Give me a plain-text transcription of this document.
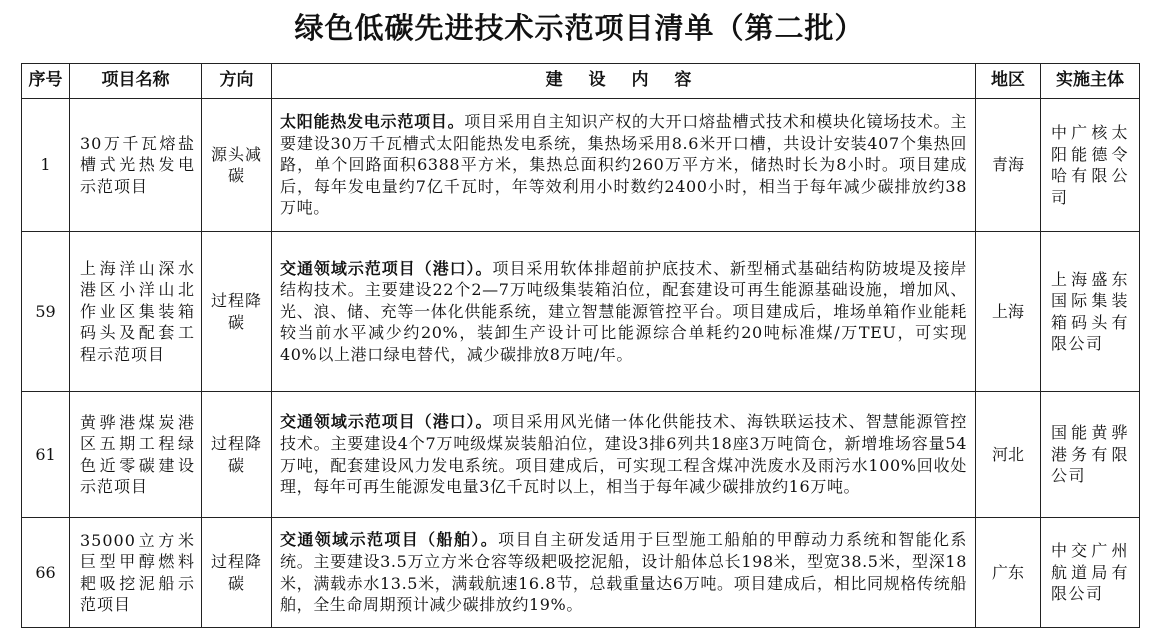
绿色低碳先进技术示范项目清单（第二批）
序号	项目名称	方向	建 设 内 容	地区	实施主体
1	30万千瓦熔盐槽式光热发电示范项目	源头减碳	太阳能热发电示范项目。项目采用自主知识产权的大开口熔盐槽式技术和模块化镜场技术。主要建设30万千瓦槽式太阳能热发电系统，集热场采用8.6米开口槽，共设计安装407个集热回路，单个回路面积6388平方米，集热总面积约260万平方米，储热时长为8小时。项目建成后，每年发电量约7亿千瓦时，年等效利用小时数约2400小时，相当于每年减少碳排放约38万吨。	青海	中广核太阳能德令哈有限公司
59	上海洋山深水港区小洋山北作业区集装箱码头及配套工程示范项目	过程降碳	交通领域示范项目（港口）。项目采用软体排超前护底技术、新型桶式基础结构防坡堤及接岸结构技术。主要建设22个2—7万吨级集装箱泊位，配套建设可再生能源基础设施，增加风、光、浪、储、充等一体化供能系统，建立智慧能源管控平台。项目建成后，堆场单箱作业能耗较当前水平减少约20%，装卸生产设计可比能源综合单耗约20吨标准煤/万TEU，可实现40%以上港口绿电替代，减少碳排放8万吨/年。	上海	上海盛东国际集装箱码头有限公司
61	黄骅港煤炭港区五期工程绿色近零碳建设示范项目	过程降碳	交通领域示范项目（港口）。项目采用风光储一体化供能技术、海铁联运技术、智慧能源管控技术。主要建设4个7万吨级煤炭装船泊位，建设3排6列共18座3万吨筒仓，新增堆场容量54万吨，配套建设风力发电系统。项目建成后，可实现工程含煤冲洗废水及雨污水100%回收处理，每年可再生能源发电量3亿千瓦时以上，相当于每年减少碳排放约16万吨。	河北	国能黄骅港务有限公司
66	35000立方米巨型甲醇燃料耙吸挖泥船示范项目	过程降碳	交通领域示范项目（船舶）。项目自主研发适用于巨型施工船舶的甲醇动力系统和智能化系统。主要建设3.5万立方米仓容等级耙吸挖泥船，设计船体总长198米，型宽38.5米，型深18米，满载赤水13.5米，满载航速16.8节，总载重量达6万吨。项目建成后，相比同规格传统船舶，全生命周期预计减少碳排放约19%。	广东	中交广州航道局有限公司
